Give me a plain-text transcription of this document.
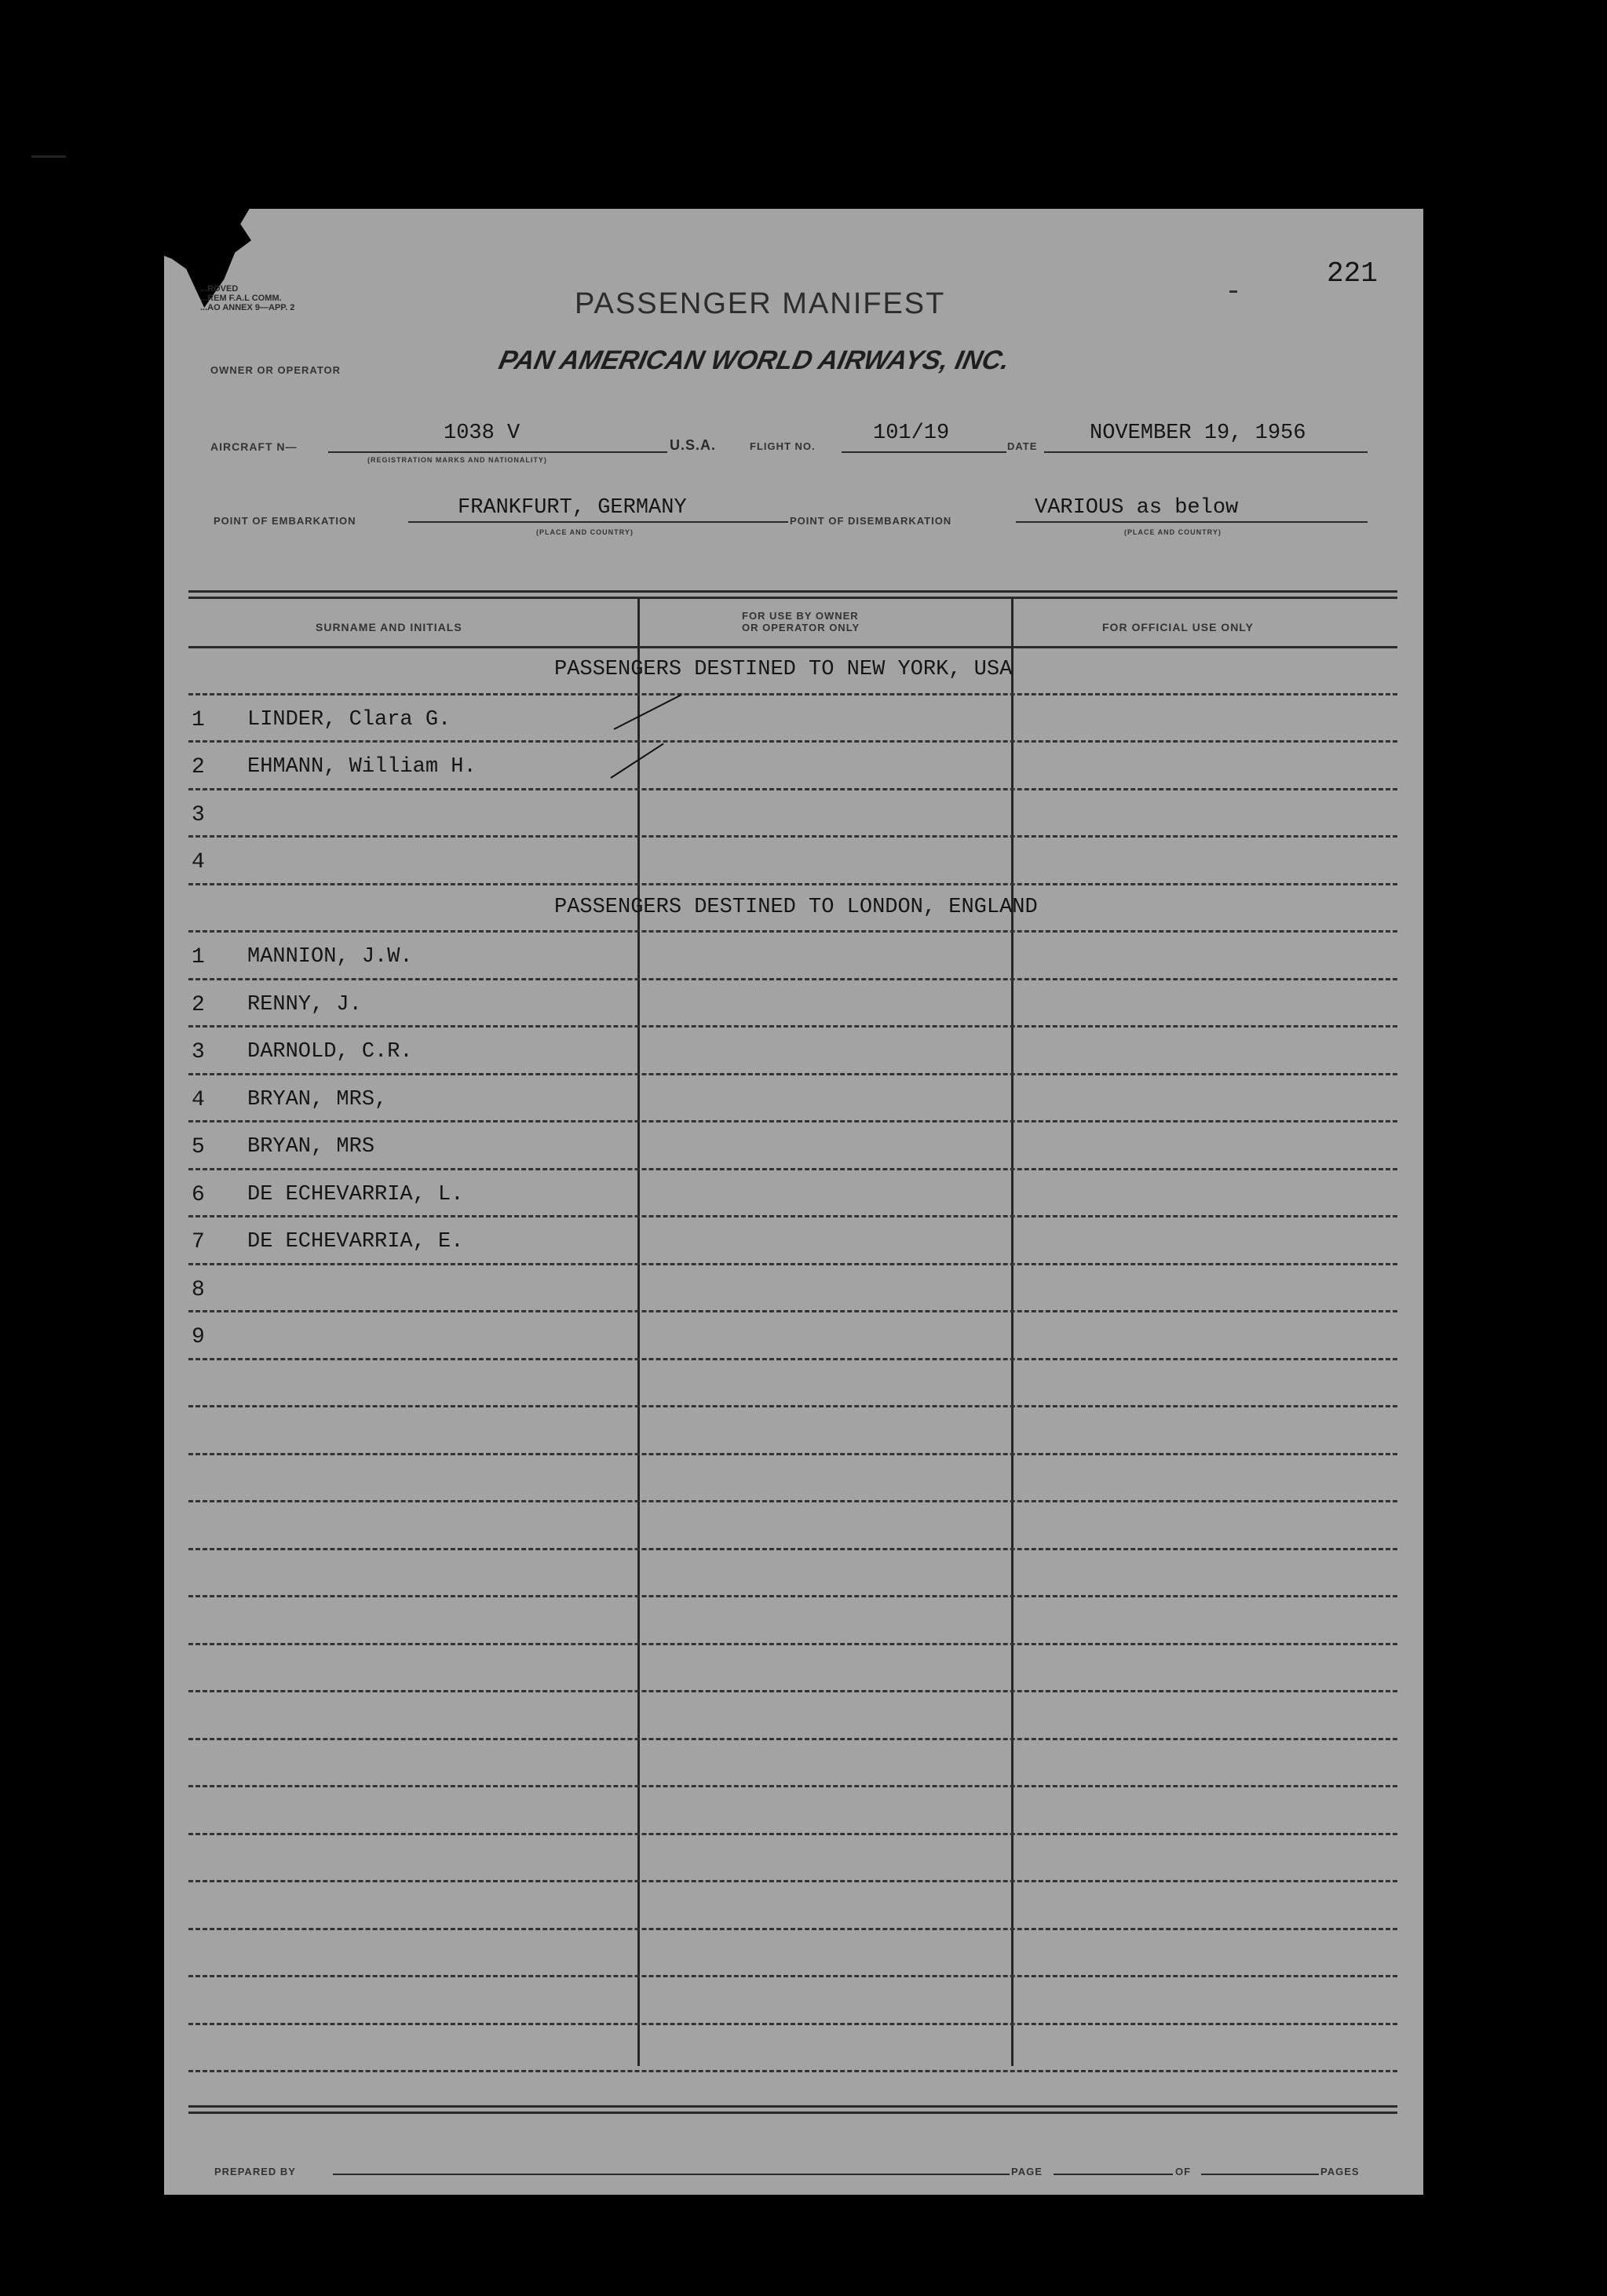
221
...ROVED
...REM F.A.L COMM.
...AO ANNEX 9—APP. 2	PASSENGER MANIFEST
OWNER OR OPERATOR	PAN AMERICAN WORLD AIRWAYS, INC.
AIRCRAFT N—
1038 V
(REGISTRATION MARKS AND NATIONALITY)
U.S.A.	FLIGHT NO.
101/19
DATE
NOVEMBER 19, 1956
POINT OF EMBARKATION
FRANKFURT, GERMANY
(PLACE AND COUNTRY)
POINT OF DISEMBARKATION
VARIOUS as below
(PLACE AND COUNTRY)
SURNAME AND INITIALS
FOR USE BY OWNER
OR OPERATOR ONLY	FOR OFFICIAL USE ONLY
PASSENGERS DESTINED TO NEW YORK, USA
1 LINDER, Clara G.
2 EHMANN, William H.
3
4
PASSENGERS DESTINED TO LONDON, ENGLAND
1 MANNION, J.W.
2 RENNY, J.
3 DARNOLD, C.R.
4 BRYAN, MRS,
5 BRYAN, MRS
6 DE ECHEVARRIA, L.
7 DE ECHEVARRIA, E.
8
9
PREPARED BY	PAGE	OF	PAGES
